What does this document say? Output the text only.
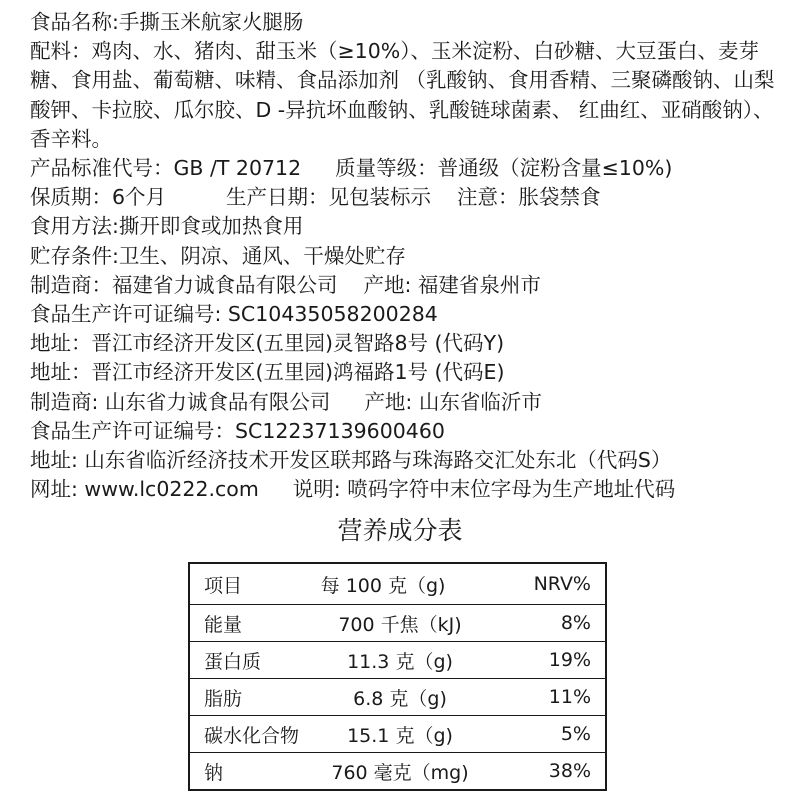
食品名称:手撕玉米航家火腿肠

配料：鸡肉、水、猪肉、甜玉米（≥10%）、玉米淀粉、白砂糖、大豆蛋白、麦芽糖、食用盐、葡萄糖、味精、食品添加剂 （乳酸钠、食用香精、三聚磷酸钠、山梨酸钾、卡拉胶、瓜尔胶、D -异抗坏血酸钠、乳酸链球菌素、 红曲红、亚硝酸钠）、香辛料。

产品标准代号：GB /T 20712 质量等级：普通级（淀粉含量≤10%)

保质期：6个月	生产日期：见包装标示 注意：胀袋禁食

食用方法:撕开即食或加热食用

贮存条件:卫生、阴凉、通风、干燥处贮存

制造商：福建省力诚食品有限公司 产地: 福建省泉州市

食品生产许可证编号: SC10435058200284

地址：晋江市经济开发区(五里园)灵智路8号 (代码Y)

地址：晋江市经济开发区(五里园)鸿福路1号 (代码E)

制造商: 山东省力诚食品有限公司 产地: 山东省临沂市

食品生产许可证编号：SC12237139600460

地址: 山东省临沂经济技术开发区联邦路与珠海路交汇处东北（代码S）

网址: www.lc0222.com 说明: 喷码字符中末位字母为生产地址代码

营养成分表
项目	每 100 克（g)	NRV%
能量	700 千焦（kJ)	8%
蛋白质	11.3 克（g)	19%
脂肪	6.8 克（g)	11%
碳水化合物	15.1 克（g)	5%
钠	760 毫克（mg)	38%
